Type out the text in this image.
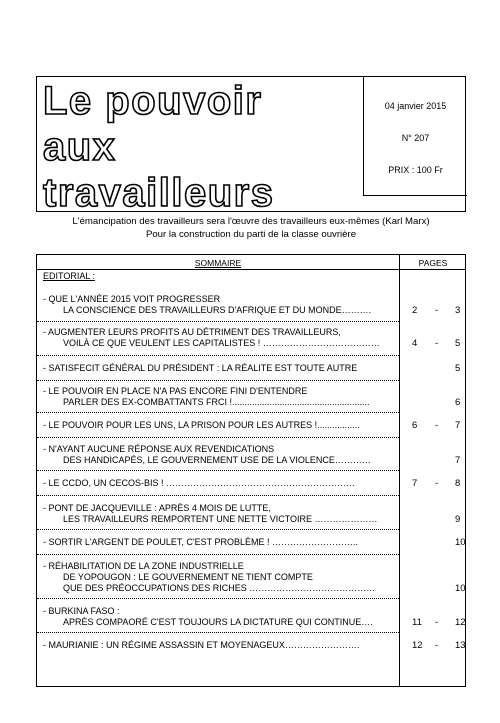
Le pouvoir
aux
travailleurs
04 janvier 2015
N° 207
PRIX : 100 Fr
L'émancipation des travailleurs sera l'œuvre des travailleurs eux-mêmes (Karl Marx)
Pour la construction du parti de la classe ouvrière
SOMMAIRE	PAGES
EDITORIAL :
- QUE L'ANNÉE 2015 VOIT PROGRESSER
LA CONSCIENCE DES TRAVAILLEURS D'AFRIQUE ET DU MONDE……….	2 - 3
- AUGMENTER LEURS PROFITS AU DÉTRIMENT DES TRAVAILLEURS,
VOILÀ CE QUE VEULENT LES CAPITALISTES ! …………………………………	4 - 5
- SATISFECIT GÉNÉRAL DU PRÉSIDENT : LA RÉALITE EST TOUTE AUTRE	5
- LE POUVOIR EN PLACE N'A PAS ENCORE FINI D'ENTENDRE
PARLER DES EX-COMBATTANTS FRCI !.......................................................	6
- LE POUVOIR POUR LES UNS, LA PRISON POUR LES AUTRES !.................	6 - 7
- N'AYANT AUCUNE RÉPONSE AUX REVENDICATIONS
DES HANDICAPÉS, LE GOUVERNEMENT USE DE LA VIOLENCE…………	7
- LE CCDO, UN CECOS-BIS ! ………………………………………………………	7 - 8
- PONT DE JACQUEVILLE : APRÈS 4 MOIS DE LUTTE,
LES TRAVAILLEURS REMPORTENT UNE NETTE VICTOIRE …………………	9
- SORTIR L'ARGENT DE POULET, C'EST PROBLÈME ! ………………………..	10
- RÉHABILITATION DE LA ZONE INDUSTRIELLE
DE YOPOUGON : LE GOUVERNEMENT NE TIENT COMPTE
QUE DES PRÉOCCUPATIONS DES RICHES ……………………………………	10
- BURKINA FASO :
APRÈS COMPAORÉ C'EST TOUJOURS LA DICTATURE QUI CONTINUE….	11 - 12
- MAURIANIE : UN RÉGIME ASSASSIN ET MOYENAGEUX…………………….	12 - 13
